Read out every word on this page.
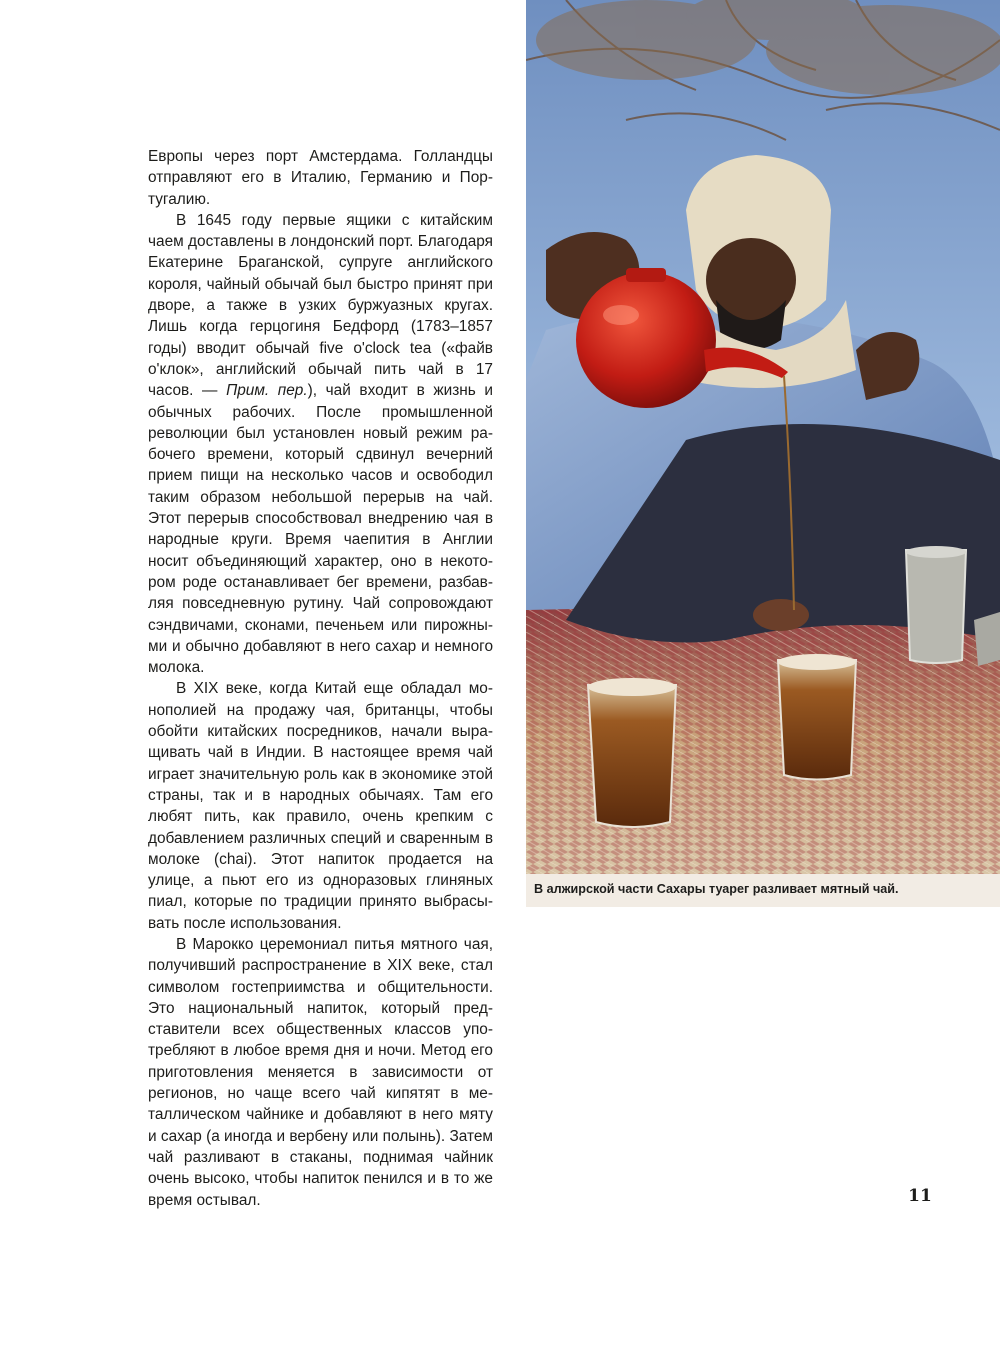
Европы через порт Амстердама. Голландцы отправляют его в Италию, Германию и Португалию.

В 1645 году первые ящики с китайским чаем доставлены в лондонский порт. Благодаря Екатерине Браганской, супруге английского короля, чайный обычай был быстро принят при дворе, а также в узких буржуазных кругах. Лишь когда герцогиня Бедфорд (1783–1857 годы) вводит обычай five o'clock tea («файв о'клок», английский обычай пить чай в 17 часов. — Прим. пер.), чай входит в жизнь и обычных рабочих. После промышленной революции был установлен новый режим рабочего времени, который сдвинул вечерний прием пищи на несколько часов и освободил таким образом небольшой перерыв на чай. Этот перерыв способствовал внедрению чая в народные круги. Время чаепития в Англии носит объединяющий характер, оно в некотором роде останавливает бег времени, разбавляя повседневную рутину. Чай сопровождают сэндвичами, сконами, печеньем или пирожными и обычно добавляют в него сахар и немного молока.

В XIX веке, когда Китай еще обладал монополией на продажу чая, британцы, чтобы обойти китайских посредников, начали выращивать чай в Индии. В настоящее время чай играет значительную роль как в экономике этой страны, так и в народных обычаях. Там его любят пить, как правило, очень крепким с добавлением различных специй и сваренным в молоке (chai). Этот напиток продается на улице, а пьют его из одноразовых глиняных пиал, которые по традиции принято выбрасывать после использования.

В Марокко церемониал питья мятного чая, получивший распространение в XIX веке, стал символом гостеприимства и общительности. Это национальный напиток, который представители всех общественных классов употребляют в любое время дня и ночи. Метод его приготовления меняется в зависимости от регионов, но чаще всего чай кипятят в металлическом чайнике и добавляют в него мяту и сахар (а иногда и вербену или полынь). Затем чай разливают в стаканы, поднимая чайник очень высоко, чтобы напиток пенился и в то же время остывал.

В алжирской части Сахары туарег разливает мятный чай.
11
